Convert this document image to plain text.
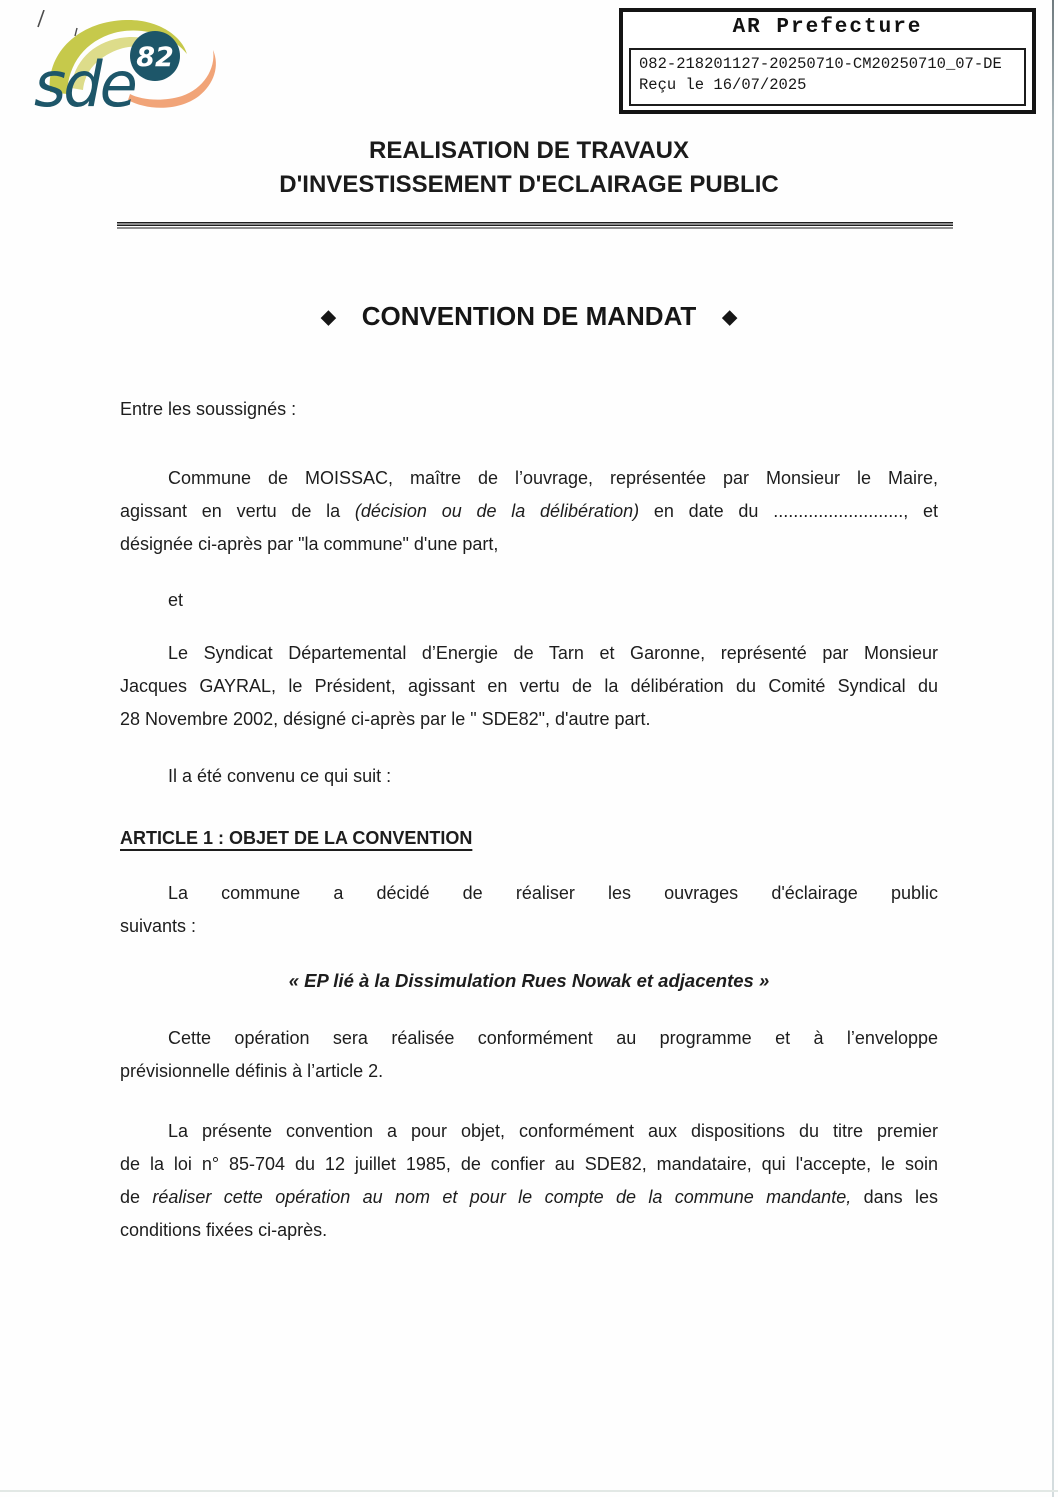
82
sde
AR Prefecture
082-218201127-20250710-CM20250710_07-DE
Reçu le 16/07/2025
REALISATION DE TRAVAUX
D'INVESTISSEMENT D'ECLAIRAGE PUBLIC
◆ CONVENTION DE MANDAT ◆
Entre les soussignés :
Commune de MOISSAC, maître de l’ouvrage, représentée par Monsieur le Maire,
agissant en vertu de la (décision ou de la délibération) en date du .........................., et
désignée ci-après par "la commune" d'une part,
et
Le Syndicat Départemental d’Energie de Tarn et Garonne, représenté par Monsieur
Jacques GAYRAL, le Président, agissant en vertu de la délibération du Comité Syndical du
28 Novembre 2002, désigné ci-après par le " SDE82", d'autre part.
Il a été convenu ce qui suit :
ARTICLE 1 : OBJET DE LA CONVENTION
La commune a décidé de réaliser les ouvrages d'éclairage public
suivants :
« EP lié à la Dissimulation Rues Nowak et adjacentes »
Cette opération sera réalisée conformément au programme et à l’enveloppe
prévisionnelle définis à l’article 2.
La présente convention a pour objet, conformément aux dispositions du titre premier
de la loi n° 85-704 du 12 juillet 1985, de confier au SDE82, mandataire, qui l'accepte, le soin
de réaliser cette opération au nom et pour le compte de la commune mandante, dans les
conditions fixées ci-après.
